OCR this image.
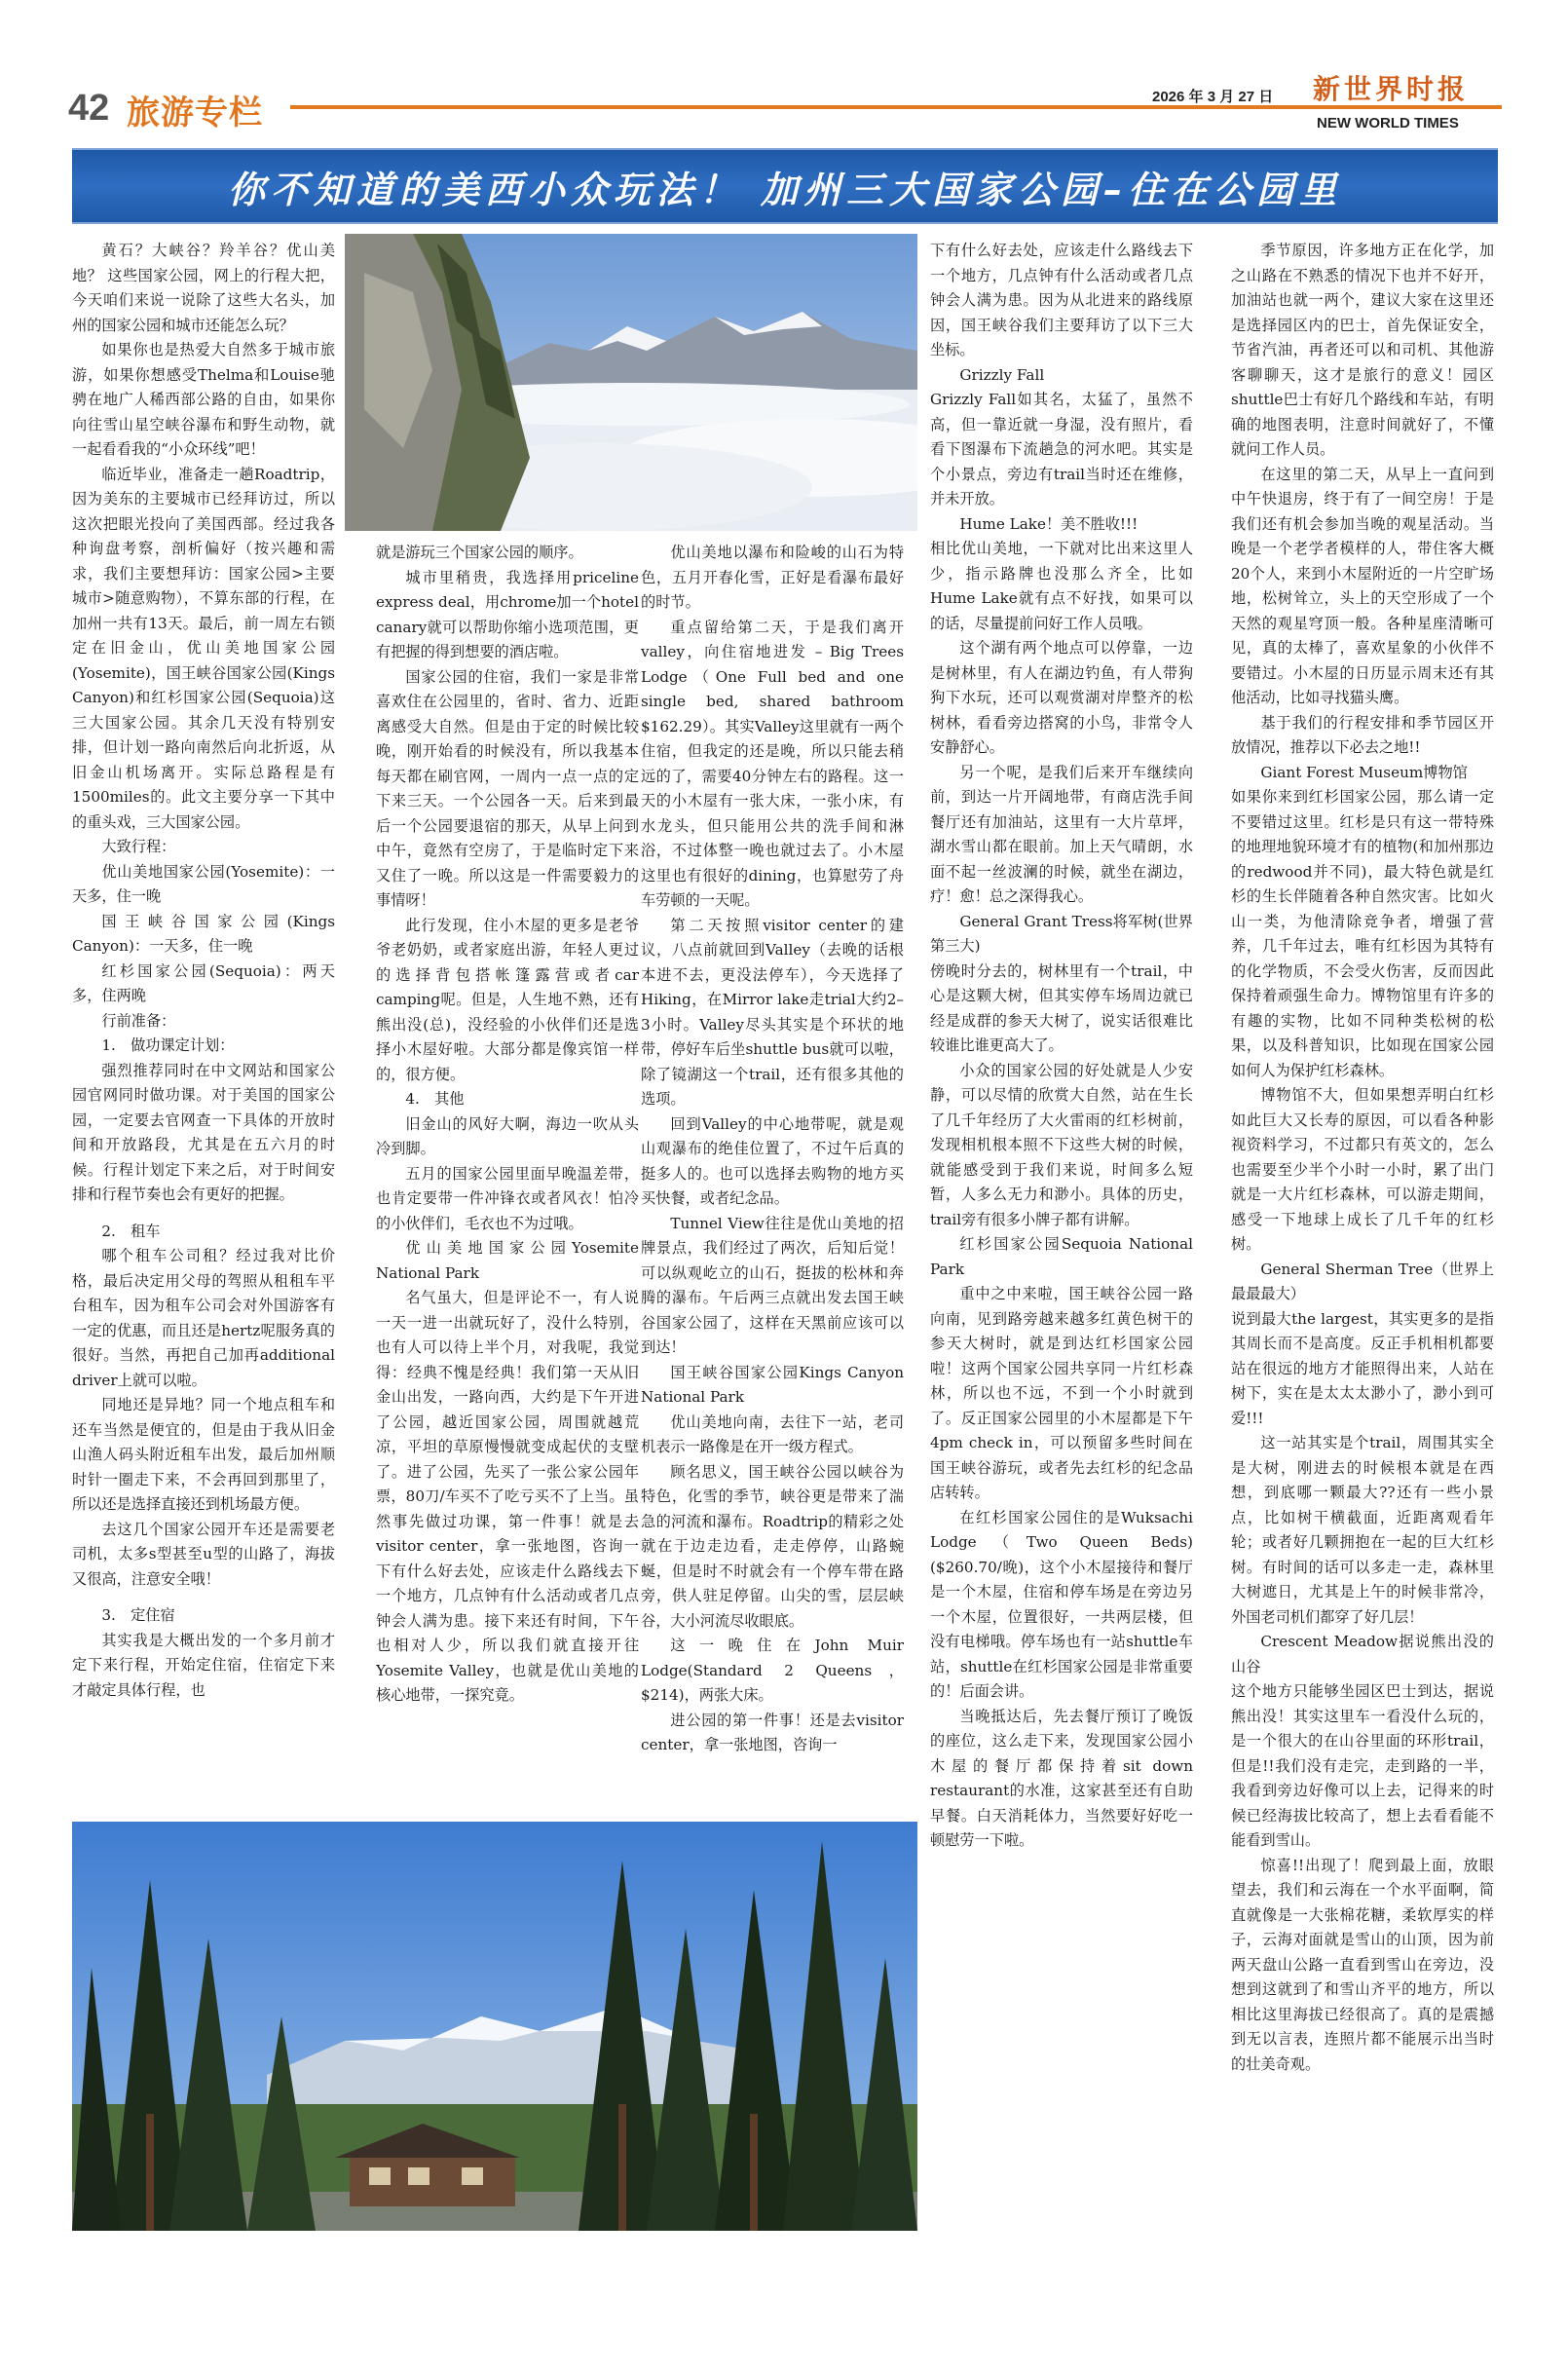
42 旅游专栏	2026 年 3 月 27 日 新世界时报
NEW WORLD TIMES
你不知道的美西小众玩法！ 加州三大国家公园–住在公园里

黄石？大峡谷？羚羊谷？优山美地？ 这些国家公园，网上的行程大把，今天咱们来说一说除了这些大名头，加州的国家公园和城市还能怎么玩？

如果你也是热爱大自然多于城市旅游，如果你想感受Thelma和Louise驰骋在地广人稀西部公路的自由，如果你向往雪山星空峡谷瀑布和野生动物，就一起看看我的“小众环线”吧！

临近毕业，准备走一趟Roadtrip，因为美东的主要城市已经拜访过，所以这次把眼光投向了美国西部。经过我各种询盘考察，剖析偏好（按兴趣和需求，我们主要想拜访：国家公园>主要城市>随意购物），不算东部的行程，在加州一共有13天。最后，前一周左右锁定在旧金山，优山美地国家公园(Yosemite)，国王峡谷国家公园(Kings Canyon)和红杉国家公园(Sequoia)这三大国家公园。其余几天没有特别安排，但计划一路向南然后向北折返，从旧金山机场离开。实际总路程是有1500miles的。此文主要分享一下其中的重头戏，三大国家公园。

大致行程：

优山美地国家公园(Yosemite)：一天多，住一晚

国王峡谷国家公园(Kings Canyon)：一天多，住一晚

红杉国家公园(Sequoia)：两天多，住两晚

行前准备：

1.　做功课定计划：

强烈推荐同时在中文网站和国家公园官网同时做功课。对于美国的国家公园，一定要去官网查一下具体的开放时间和开放路段，尤其是在五六月的时候。行程计划定下来之后，对于时间安排和行程节奏也会有更好的把握。

2.　租车

哪个租车公司租？经过我对比价格，最后决定用父母的驾照从租租车平台租车，因为租车公司会对外国游客有一定的优惠，而且还是hertz呢服务真的很好。当然，再把自己加再additional driver上就可以啦。

同地还是异地？同一个地点租车和还车当然是便宜的，但是由于我从旧金山渔人码头附近租车出发，最后加州顺时针一圈走下来，不会再回到那里了，所以还是选择直接还到机场最方便。

去这几个国家公园开车还是需要老司机，太多s型甚至u型的山路了，海拔又很高，注意安全哦！

3.　定住宿

其实我是大概出发的一个多月前才定下来行程，开始定住宿，住宿定下来才敲定具体行程，也

就是游玩三个国家公园的顺序。

城市里稍贵，我选择用priceline express deal，用chrome加一个hotel canary就可以帮助你缩小选项范围，更有把握的得到想要的酒店啦。

国家公园的住宿，我们一家是非常喜欢住在公园里的，省时、省力、近距离感受大自然。但是由于定的时候比较晚，刚开始看的时候没有，所以我基本每天都在刷官网，一周内一点一点的定下来三天。一个公园各一天。后来到最后一个公园要退宿的那天，从早上问到中午，竟然有空房了，于是临时定下来又住了一晚。所以这是一件需要毅力的事情呀！

此行发现，住小木屋的更多是老爷爷老奶奶，或者家庭出游，年轻人更过的选择背包搭帐篷露营或者car camping呢。但是，人生地不熟，还有熊出没(总)，没经验的小伙伴们还是选择小木屋好啦。大部分都是像宾馆一样的，很方便。

4.　其他

旧金山的风好大啊，海边一吹从头冷到脚。

五月的国家公园里面早晚温差带，也肯定要带一件冲锋衣或者风衣！怕冷的小伙伴们，毛衣也不为过哦。

优山美地国家公园Yosemite National Park

名气虽大，但是评论不一，有人说一天一进一出就玩好了，没什么特别，也有人可以待上半个月，对我呢，我觉得：经典不愧是经典！我们第一天从旧金山出发，一路向西，大约是下午开进了公园，越近国家公园，周围就越荒凉，平坦的草原慢慢就变成起伏的支壁了。进了公园，先买了一张公家公园年票，80刀/车买不了吃亏买不了上当。虽然事先做过功课，第一件事！就是去visitor center，拿一张地图，咨询一下有什么好去处，应该走什么路线去下一个地方，几点钟有什么活动或者几点钟会人满为患。接下来还有时间，下午也相对人少，所以我们就直接开往Yosemite Valley，也就是优山美地的核心地带，一探究竟。

优山美地以瀑布和险峻的山石为特色，五月开春化雪，正好是看瀑布最好的时节。

重点留给第二天，于是我们离开valley，向住宿地进发 – Big Trees Lodge（One Full bed and one single bed, shared bathroom $162.29）。其实Valley这里就有一两个住宿，但我定的还是晚，所以只能去稍远的了，需要40分钟左右的路程。这一天的小木屋有一张大床，一张小床，有水龙头，但只能用公共的洗手间和淋浴，不过体整一晚也就过去了。小木屋这里也有很好的dining，也算慰劳了舟车劳顿的一天呢。

第二天按照visitor center的建议，八点前就回到Valley（去晚的话根本进不去，更没法停车），今天选择了Hiking，在Mirror lake走trial大约2–3小时。Valley尽头其实是个环状的地带，停好车后坐shuttle bus就可以啦，除了镜湖这一个trail，还有很多其他的选项。

回到Valley的中心地带呢，就是观山观瀑布的绝佳位置了，不过午后真的挺多人的。也可以选择去购物的地方买买快餐，或者纪念品。

Tunnel View往往是优山美地的招牌景点，我们经过了两次，后知后觉！可以纵观屹立的山石，挺拔的松林和奔腾的瀑布。午后两三点就出发去国王峡谷国家公园了，这样在天黑前应该可以到达！

国王峡谷国家公园Kings Canyon National Park

优山美地向南，去往下一站，老司机表示一路像是在开一级方程式。

顾名思义，国王峡谷公园以峡谷为特色，化雪的季节，峡谷更是带来了湍急的河流和瀑布。Roadtrip的精彩之处就在于边走边看，走走停停，山路蜿蜒，但是时不时就会有一个停车带在路旁，供人驻足停留。山尖的雪，层层峡谷，大小河流尽收眼底。

这一晚住在John Muir Lodge(Standard 2 Queens，$214)，两张大床。

进公园的第一件事！还是去visitor center，拿一张地图，咨询一

下有什么好去处，应该走什么路线去下一个地方，几点钟有什么活动或者几点钟会人满为患。因为从北进来的路线原因，国王峡谷我们主要拜访了以下三大坐标。

Grizzly Fall

Grizzly Fall如其名，太猛了，虽然不高，但一靠近就一身湿，没有照片，看看下图瀑布下流趟急的河水吧。其实是个小景点，旁边有trail当时还在维修，并未开放。

Hume Lake！美不胜收!!!

相比优山美地，一下就对比出来这里人少，指示路牌也没那么齐全，比如Hume Lake就有点不好找，如果可以的话，尽量提前问好工作人员哦。

这个湖有两个地点可以停靠，一边是树林里，有人在湖边钓鱼，有人带狗狗下水玩，还可以观赏湖对岸整齐的松树林，看看旁边搭窝的小鸟，非常令人安静舒心。

另一个呢，是我们后来开车继续向前，到达一片开阔地带，有商店洗手间餐厅还有加油站，这里有一大片草坪，湖水雪山都在眼前。加上天气晴朗，水面不起一丝波澜的时候，就坐在湖边，疗！愈！总之深得我心。

General Grant Tress将军树(世界第三大)

傍晚时分去的，树林里有一个trail，中心是这颗大树，但其实停车场周边就已经是成群的参天大树了，说实话很难比较谁比谁更高大了。

小众的国家公园的好处就是人少安静，可以尽情的欣赏大自然，站在生长了几千年经历了大火雷雨的红杉树前，发现相机根本照不下这些大树的时候，就能感受到于我们来说，时间多么短暂，人多么无力和渺小。具体的历史，trail旁有很多小牌子都有讲解。

红杉国家公园Sequoia National Park

重中之中来啦，国王峡谷公园一路向南，见到路旁越来越多红黄色树干的参天大树时，就是到达红杉国家公园啦！这两个国家公园共享同一片红杉森林，所以也不远，不到一个小时就到了。反正国家公园里的小木屋都是下午4pm check in，可以预留多些时间在国王峡谷游玩，或者先去红杉的纪念品店转转。

在红杉国家公园住的是Wuksachi Lodge（Two Queen Beds)($260.70/晚)，这个小木屋接待和餐厅是一个木屋，住宿和停车场是在旁边另一个木屋，位置很好，一共两层楼，但没有电梯哦。停车场也有一站shuttle车站，shuttle在红杉国家公园是非常重要的！后面会讲。

当晚抵达后，先去餐厅预订了晚饭的座位，这么走下来，发现国家公园小木屋的餐厅都保持着sit down restaurant的水准，这家甚至还有自助早餐。白天消耗体力，当然要好好吃一顿慰劳一下啦。

季节原因，许多地方正在化学，加之山路在不熟悉的情况下也并不好开，加油站也就一两个，建议大家在这里还是选择园区内的巴士，首先保证安全，节省汽油，再者还可以和司机、其他游客聊聊天，这才是旅行的意义！园区shuttle巴士有好几个路线和车站，有明确的地图表明，注意时间就好了，不懂就问工作人员。

在这里的第二天，从早上一直问到中午快退房，终于有了一间空房！于是我们还有机会参加当晚的观星活动。当晚是一个老学者模样的人，带住客大概20个人，来到小木屋附近的一片空旷场地，松树耸立，头上的天空形成了一个天然的观星穹顶一般。各种星座清晰可见，真的太棒了，喜欢星象的小伙伴不要错过。小木屋的日历显示周末还有其他活动，比如寻找猫头鹰。

基于我们的行程安排和季节园区开放情况，推荐以下必去之地!!

Giant Forest Museum博物馆

如果你来到红杉国家公园，那么请一定不要错过这里。红杉是只有这一带特殊的地理地貌环境才有的植物(和加州那边的redwood并不同)，最大特色就是红杉的生长伴随着各种自然灾害。比如火山一类，为他清除竞争者，增强了营养，几千年过去，唯有红杉因为其特有的化学物质，不会受火伤害，反而因此保持着顽强生命力。博物馆里有许多的有趣的实物，比如不同种类松树的松果，以及科普知识，比如现在国家公园如何人为保护红杉森林。

博物馆不大，但如果想弄明白红杉如此巨大又长寿的原因，可以看各种影视资料学习，不过都只有英文的，怎么也需要至少半个小时一小时，累了出门就是一大片红杉森林，可以游走期间，感受一下地球上成长了几千年的红杉树。

General Sherman Tree（世界上最最最大）

说到最大the largest，其实更多的是指其周长而不是高度。反正手机相机都要站在很远的地方才能照得出来，人站在树下，实在是太太太渺小了，渺小到可爱!!!

这一站其实是个trail，周围其实全是大树，刚进去的时候根本就是在西想，到底哪一颗最大??还有一些小景点，比如树干横截面，近距离观看年轮；或者好几颗拥抱在一起的巨大红杉树。有时间的话可以多走一走，森林里大树遮日，尤其是上午的时候非常冷，外国老司机们都穿了好几层！

Crescent Meadow据说熊出没的山谷

这个地方只能够坐园区巴士到达，据说熊出没！其实这里车一看没什么玩的，是一个很大的在山谷里面的环形trail，但是!!我们没有走完，走到路的一半，我看到旁边好像可以上去，记得来的时候已经海拔比较高了，想上去看看能不能看到雪山。

惊喜!!出现了！爬到最上面，放眼望去，我们和云海在一个水平面啊，简直就像是一大张棉花糖，柔软厚实的样子，云海对面就是雪山的山顶，因为前两天盘山公路一直看到雪山在旁边，没想到这就到了和雪山齐平的地方，所以相比这里海拔已经很高了。真的是震撼到无以言表，连照片都不能展示出当时的壮美奇观。
